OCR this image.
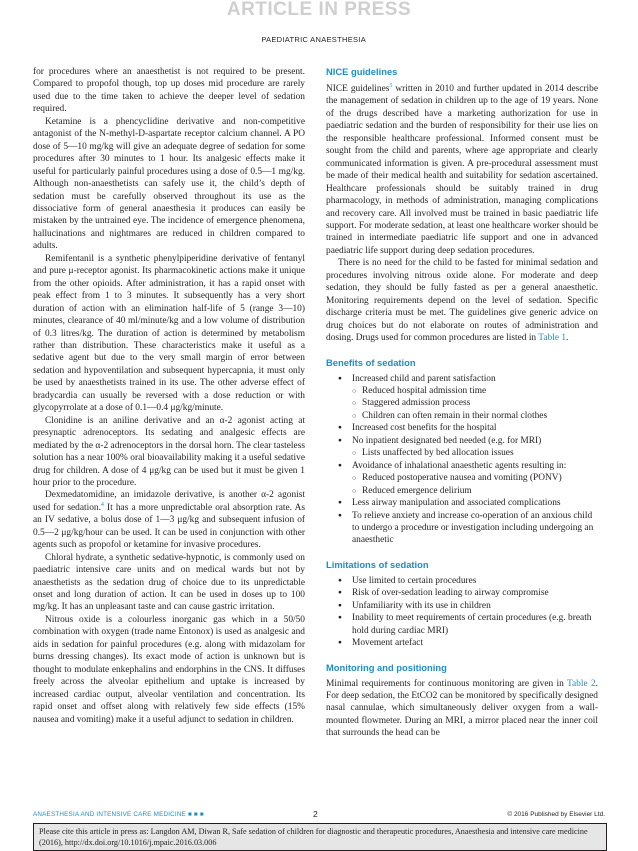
ARTICLE IN PRESS
PAEDIATRIC ANAESTHESIA

for procedures where an anaesthetist is not required to be present. Compared to propofol though, top up doses mid procedure are rarely used due to the time taken to achieve the deeper level of sedation required.

Ketamine is a phencyclidine derivative and non-competitive antagonist of the N-methyl-D-aspartate receptor calcium channel. A PO dose of 5—10 mg/kg will give an adequate degree of sedation for some procedures after 30 minutes to 1 hour. Its analgesic effects make it useful for particularly painful procedures using a dose of 0.5—1 mg/kg. Although non-anaesthetists can safely use it, the child’s depth of sedation must be carefully observed throughout its use as the dissociative form of general anaesthesia it produces can easily be mistaken by the untrained eye. The incidence of emergence phenomena, hallucinations and nightmares are reduced in children compared to adults.

Remifentanil is a synthetic phenylpiperidine derivative of fentanyl and pure μ-receptor agonist. Its pharmacokinetic actions make it unique from the other opioids. After administration, it has a rapid onset with peak effect from 1 to 3 minutes. It subsequently has a very short duration of action with an elimination half-life of 5 (range 3—10) minutes, clearance of 40 ml/minute/kg and a low volume of distribution of 0.3 litres/kg. The duration of action is determined by metabolism rather than distribution. These characteristics make it useful as a sedative agent but due to the very small margin of error between sedation and hypoventilation and subsequent hypercapnia, it must only be used by anaesthetists trained in its use. The other adverse effect of bradycardia can usually be reversed with a dose reduction or with glycopyrrolate at a dose of 0.1—0.4 μg/kg/minute.

Clonidine is an aniline derivative and an α-2 agonist acting at presynaptic adrenoceptors. Its sedating and analgesic effects are mediated by the α-2 adrenoceptors in the dorsal horn. The clear tasteless solution has a near 100% oral bioavailability making it a useful sedative drug for children. A dose of 4 μg/kg can be used but it must be given 1 hour prior to the procedure.

Dexmedatomidine, an imidazole derivative, is another α-2 agonist used for sedation.$^4$ It has a more unpredictable oral absorption rate. As an IV sedative, a bolus dose of 1—3 μg/kg and subsequent infusion of 0.5—2 μg/kg/hour can be used. It can be used in conjunction with other agents such as propofol or ketamine for invasive procedures.

Chloral hydrate, a synthetic sedative-hypnotic, is commonly used on paediatric intensive care units and on medical wards but not by anaesthetists as the sedation drug of choice due to its unpredictable onset and long duration of action. It can be used in doses up to 100 mg/kg. It has an unpleasant taste and can cause gastric irritation.

Nitrous oxide is a colourless inorganic gas which in a 50/50 combination with oxygen (trade name Entonox) is used as analgesic and aids in sedation for painful procedures (e.g. along with midazolam for burns dressing changes). Its exact mode of action is unknown but is thought to modulate enkephalins and endorphins in the CNS. It diffuses freely across the alveolar epithelium and uptake is increased by increased cardiac output, alveolar ventilation and concentration. Its rapid onset and offset along with relatively few side effects (15% nausea and vomiting) make it a useful adjunct to sedation in children.

NICE guidelines

NICE guidelines$^5$ written in 2010 and further updated in 2014 describe the management of sedation in children up to the age of 19 years. None of the drugs described have a marketing authorization for use in paediatric sedation and the burden of responsibility for their use lies on the responsible healthcare professional. Informed consent must be sought from the child and parents, where age appropriate and clearly communicated information is given. A pre-procedural assessment must be made of their medical health and suitability for sedation ascertained. Healthcare professionals should be suitably trained in drug pharmacology, in methods of administration, managing complications and recovery care. All involved must be trained in basic paediatric life support. For moderate sedation, at least one healthcare worker should be trained in intermediate paediatric life support and one in advanced paediatric life support during deep sedation procedures.

There is no need for the child to be fasted for minimal sedation and procedures involving nitrous oxide alone. For moderate and deep sedation, they should be fully fasted as per a general anaesthetic. Monitoring requirements depend on the level of sedation. Specific discharge criteria must be met. The guidelines give generic advice on drug choices but do not elaborate on routes of administration and dosing. Drugs used for common procedures are listed in Table 1.

Benefits of sedation
● Increased child and parent satisfaction
○ Reduced hospital admission time
○ Staggered admission process
○ Children can often remain in their normal clothes
● Increased cost benefits for the hospital
● No inpatient designated bed needed (e.g. for MRI)
○ Lists unaffected by bed allocation issues
● Avoidance of inhalational anaesthetic agents resulting in:
○ Reduced postoperative nausea and vomiting (PONV)
○ Reduced emergence delirium
● Less airway manipulation and associated complications
● To relieve anxiety and increase co-operation of an anxious child to undergo a procedure or investigation including undergoing an anaesthetic
Limitations of sedation
● Use limited to certain procedures
● Risk of over-sedation leading to airway compromise
● Unfamiliarity with its use in children
● Inability to meet requirements of certain procedures (e.g. breath hold during cardiac MRI)
● Movement artefact
Monitoring and positioning

Minimal requirements for continuous monitoring are given in Table 2. For deep sedation, the EtCO2 can be monitored by specifically designed nasal cannulae, which simultaneously deliver oxygen from a wall-mounted flowmeter. During an MRI, a mirror placed near the inner coil that surrounds the head can be

ANAESTHESIA AND INTENSIVE CARE MEDICINE ■ ■ ■	2	© 2016 Published by Elsevier Ltd.
Please cite this article in press as: Langdon AM, Diwan R, Safe sedation of children for diagnostic and therapeutic procedures, Anaesthesia and intensive care medicine (2016), http://dx.doi.org/10.1016/j.mpaic.2016.03.006
